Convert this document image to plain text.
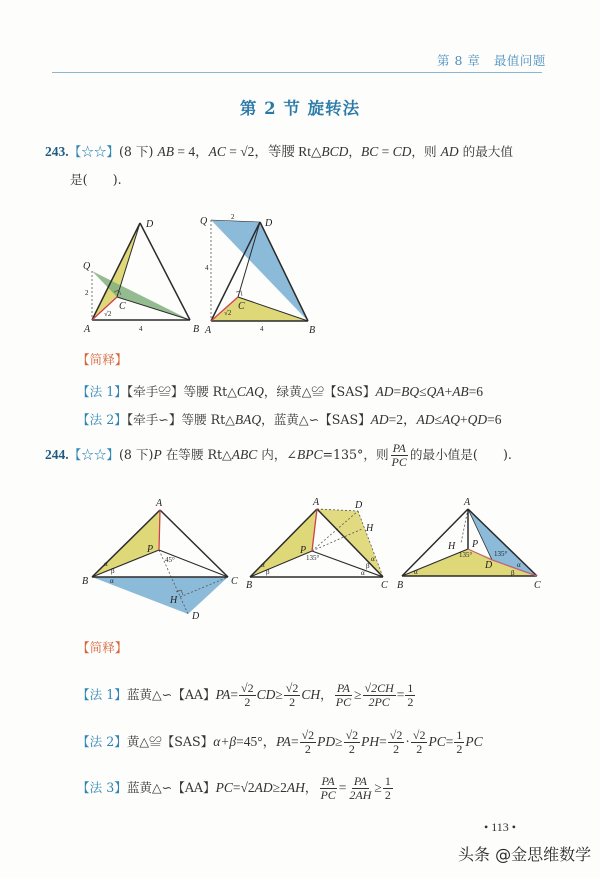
第 8 章 最值问题
第 2 节 旋转法
243.【☆☆】(8 下) AB = 4，AC = √2，等腰 Rt△BCD，BC = CD，则 AD 的最大值
是(　　).
D
Q
C
A	B
2
√2
4
Q	2
D
4
C
√2
A	4	B
A
P
45°
B	C
α
β
α
H
D
A	D
H
P
135°
B	C
α
β
α
β
α
A
H P
135°	135°
D	α
B
α	β
C
【简释】
【法 1】【牵手≌】等腰 Rt△CAQ，绿黄△≌【SAS】AD=BQ≤QA+AB=6
【法 2】【牵手∽】等腰 Rt△BAQ，蓝黄△∽【SAS】AD=2，AD≤AQ+QD=6
244.【☆☆】(8 下)P 在等腰 Rt△ABC 内，∠BPC=135°，则 $\frac{PA}{PC}$ 的最小值是(　　).
【简释】
【法 1】蓝黄△∽【AA】$PA= \frac{√2}{2} CD\ge \frac{√2}{2}$ CH， $\frac{PA}{PC} \ge \frac{√2CH}{2PC} = \frac{1}{2}$
【法 2】黄△≌【SAS】α+β=45°，$PA= \frac{√2}{2} PD\ge \frac{√2}{2} PH= \frac{√2}{2} \cdot \frac{√2}{2} PC= \frac{1}{2}$ PC
【法 3】蓝黄△∽【AA】PC=√2AD≥2AH， $\frac{PA}{PC} = \frac{PA}{2AH} \ge \frac{1}{2}$
• 113 •
头条 @金思维数学
